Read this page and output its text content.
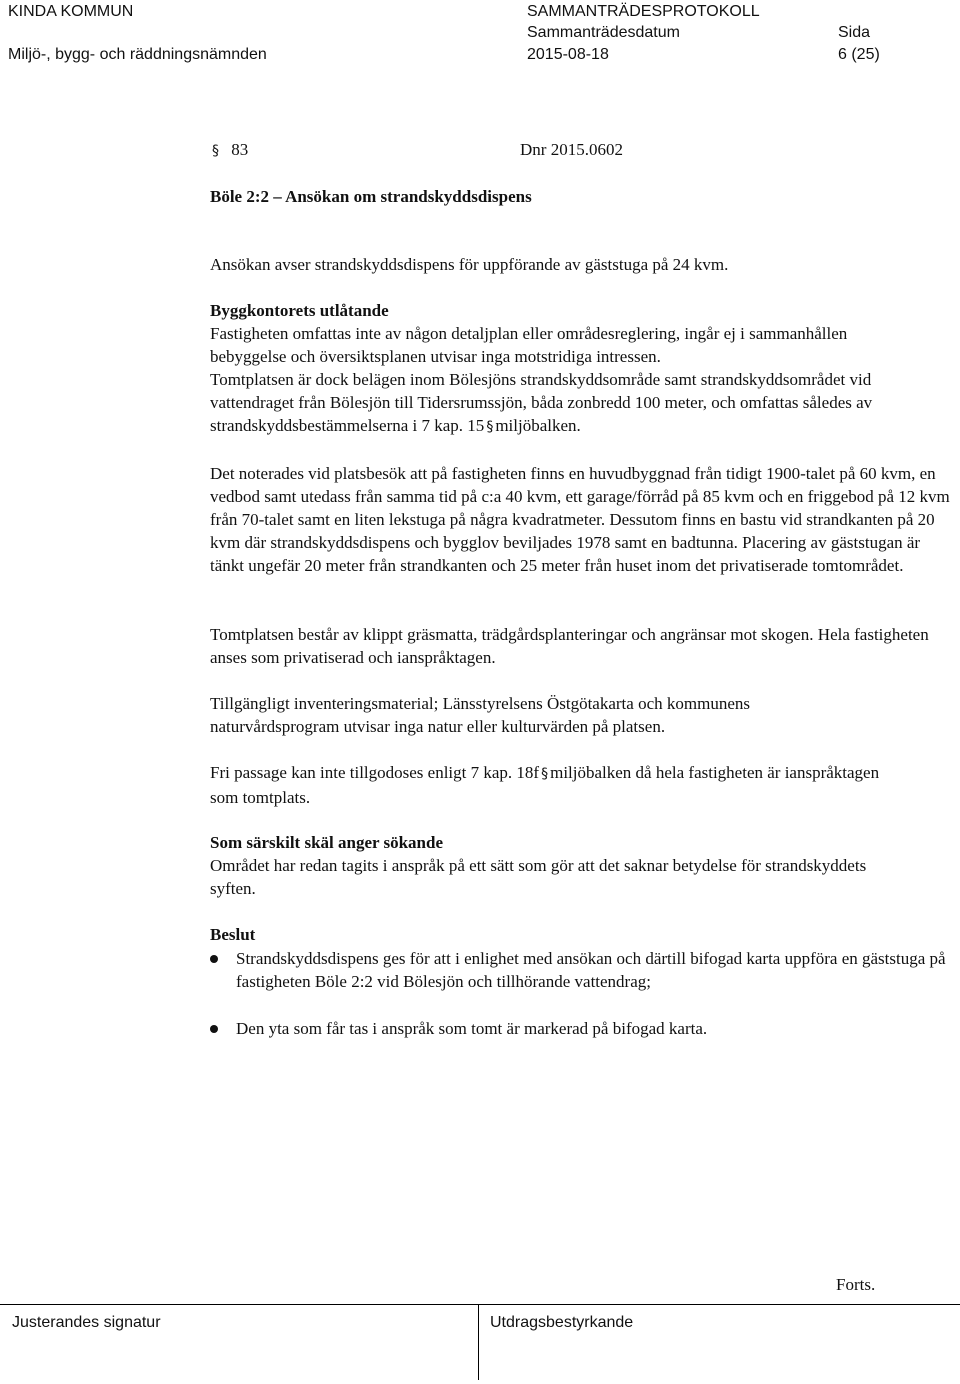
KINDA KOMMUN
Miljö-, bygg- och räddningsnämnden
SAMMANTRÄDESPROTOKOLL
Sammanträdesdatum
2015-08-18
Sida
6 (25)
§ 83	Dnr 2015.0602
Böle 2:2 – Ansökan om strandskyddsdispens

Ansökan avser strandskyddsdispens för uppförande av gäststuga på 24 kvm.

Byggkontorets utlåtande

Fastigheten omfattas inte av någon detaljplan eller områdesreglering, ingår ej i sammanhållen bebyggelse och översiktsplanen utvisar inga motstridiga intressen.

Tomtplatsen är dock belägen inom Bölesjöns strandskyddsområde samt strandskyddsområdet vid vattendraget från Bölesjön till Tidersrumssjön, båda zonbredd 100 meter, och omfattas således av strandskyddsbestämmelserna i 7 kap. 15 § miljöbalken.

Det noterades vid platsbesök att på fastigheten finns en huvudbyggnad från tidigt 1900-talet på 60 kvm, en vedbod samt utedass från samma tid på c:a 40 kvm, ett garage/förråd på 85 kvm och en friggebod på 12 kvm från 70-talet samt en liten lekstuga på några kvadratmeter. Dessutom finns en bastu vid strandkanten på 20 kvm där strandskyddsdispens och bygglov beviljades 1978 samt en badtunna. Placering av gäststugan är tänkt ungefär 20 meter från strandkanten och 25 meter från huset inom det privatiserade tomtområdet.

Tomtplatsen består av klippt gräsmatta, trädgårdsplanteringar och angränsar mot skogen. Hela fastigheten anses som privatiserad och ianspråktagen.

Tillgängligt inventeringsmaterial; Länsstyrelsens Östgötakarta och kommunens naturvårdsprogram utvisar inga natur eller kulturvärden på platsen.

Fri passage kan inte tillgodoses enligt 7 kap. 18f § miljöbalken då hela fastigheten är ianspråktagen som tomtplats.

Som särskilt skäl anger sökande

Området har redan tagits i anspråk på ett sätt som gör att det saknar betydelse för strandskyddets syften.

Beslut
Strandskyddsdispens ges för att i enlighet med ansökan och därtill bifogad karta uppföra en gäststuga på fastigheten Böle 2:2 vid Bölesjön och tillhörande vattendrag;
Den yta som får tas i anspråk som tomt är markerad på bifogad karta.
Forts.
Justerandes signatur	Utdragsbestyrkande
